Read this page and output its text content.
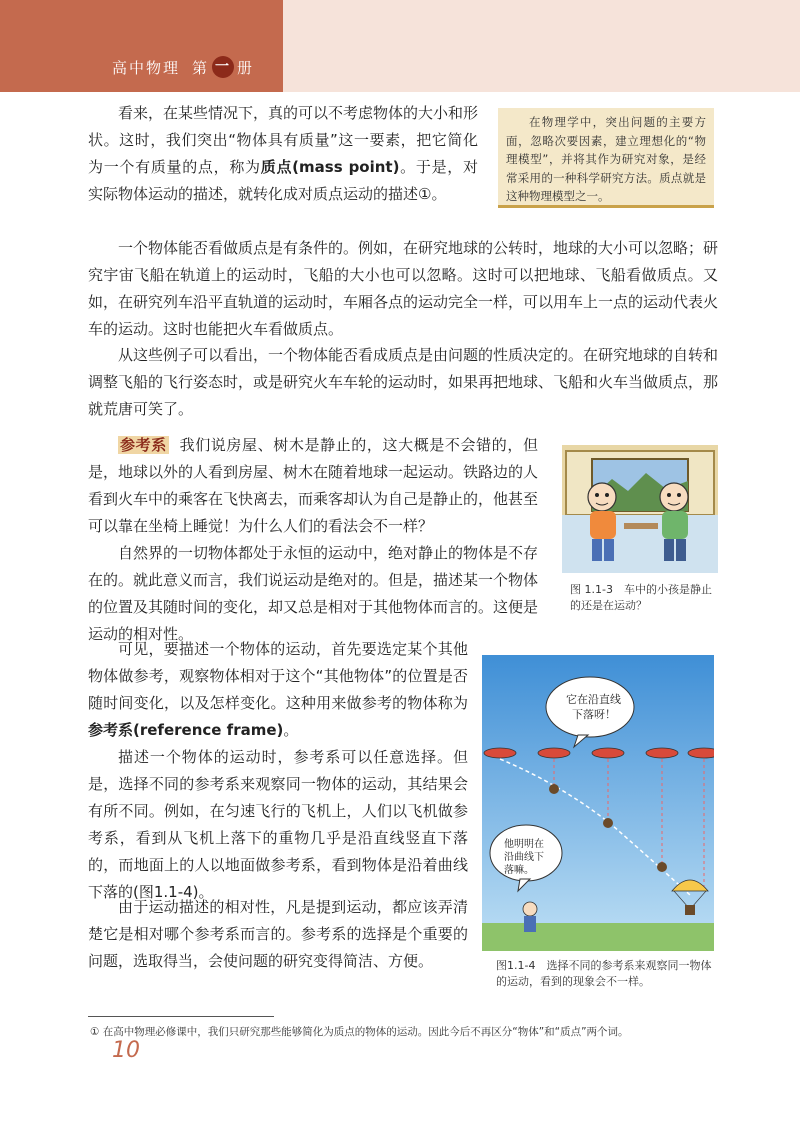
高中物理 第 一 册

看来，在某些情况下，真的可以不考虑物体的大小和形状。这时，我们突出“物体具有质量”这一要素，把它简化为一个有质量的点，称为质点(mass point)。于是，对实际物体运动的描述，就转化成对质点运动的描述①。

在物理学中，突出问题的主要方面，忽略次要因素，建立理想化的“物理模型”，并将其作为研究对象，是经常采用的一种科学研究方法。质点就是这种物理模型之一。

一个物体能否看做质点是有条件的。例如，在研究地球的公转时，地球的大小可以忽略；研究宇宙飞船在轨道上的运动时，飞船的大小也可以忽略。这时可以把地球、飞船看做质点。又如，在研究列车沿平直轨道的运动时，车厢各点的运动完全一样，可以用车上一点的运动代表火车的运动。这时也能把火车看做质点。

从这些例子可以看出，一个物体能否看成质点是由问题的性质决定的。在研究地球的自转和调整飞船的飞行姿态时，或是研究火车车轮的运动时，如果再把地球、飞船和火车当做质点，那就荒唐可笑了。

参考系 我们说房屋、树木是静止的，这大概是不会错的，但是，地球以外的人看到房屋、树木在随着地球一起运动。铁路边的人看到火车中的乘客在飞快离去，而乘客却认为自己是静止的，他甚至可以靠在坐椅上睡觉！为什么人们的看法会不一样？

自然界的一切物体都处于永恒的运动中，绝对静止的物体是不存在的。就此意义而言，我们说运动是绝对的。但是，描述某一个物体的位置及其随时间的变化，却又总是相对于其他物体而言的。这便是运动的相对性。

可见，要描述一个物体的运动，首先要选定某个其他物体做参考，观察物体相对于这个“其他物体”的位置是否随时间变化，以及怎样变化。这种用来做参考的物体称为参考系(reference frame)。

描述一个物体的运动时，参考系可以任意选择。但是，选择不同的参考系来观察同一物体的运动，其结果会有所不同。例如，在匀速飞行的飞机上，人们以飞机做参考系，看到从飞机上落下的重物几乎是沿直线竖直下落的，而地面上的人以地面做参考系，看到物体是沿着曲线下落的(图1.1-4)。

由于运动描述的相对性，凡是提到运动，都应该弄清楚它是相对哪个参考系而言的。参考系的选择是个重要的问题，选取得当，会使问题的研究变得简洁、方便。

图 1.1-3　车中的小孩是静止的还是在运动？
它在沿直线
下落呀！
他明明在
沿曲线下
落嘛。
图1.1-4　选择不同的参考系来观察同一物体的运动，看到的现象会不一样。
① 在高中物理必修课中，我们只研究那些能够简化为质点的物体的运动。因此今后不再区分“物体”和“质点”两个词。
10
